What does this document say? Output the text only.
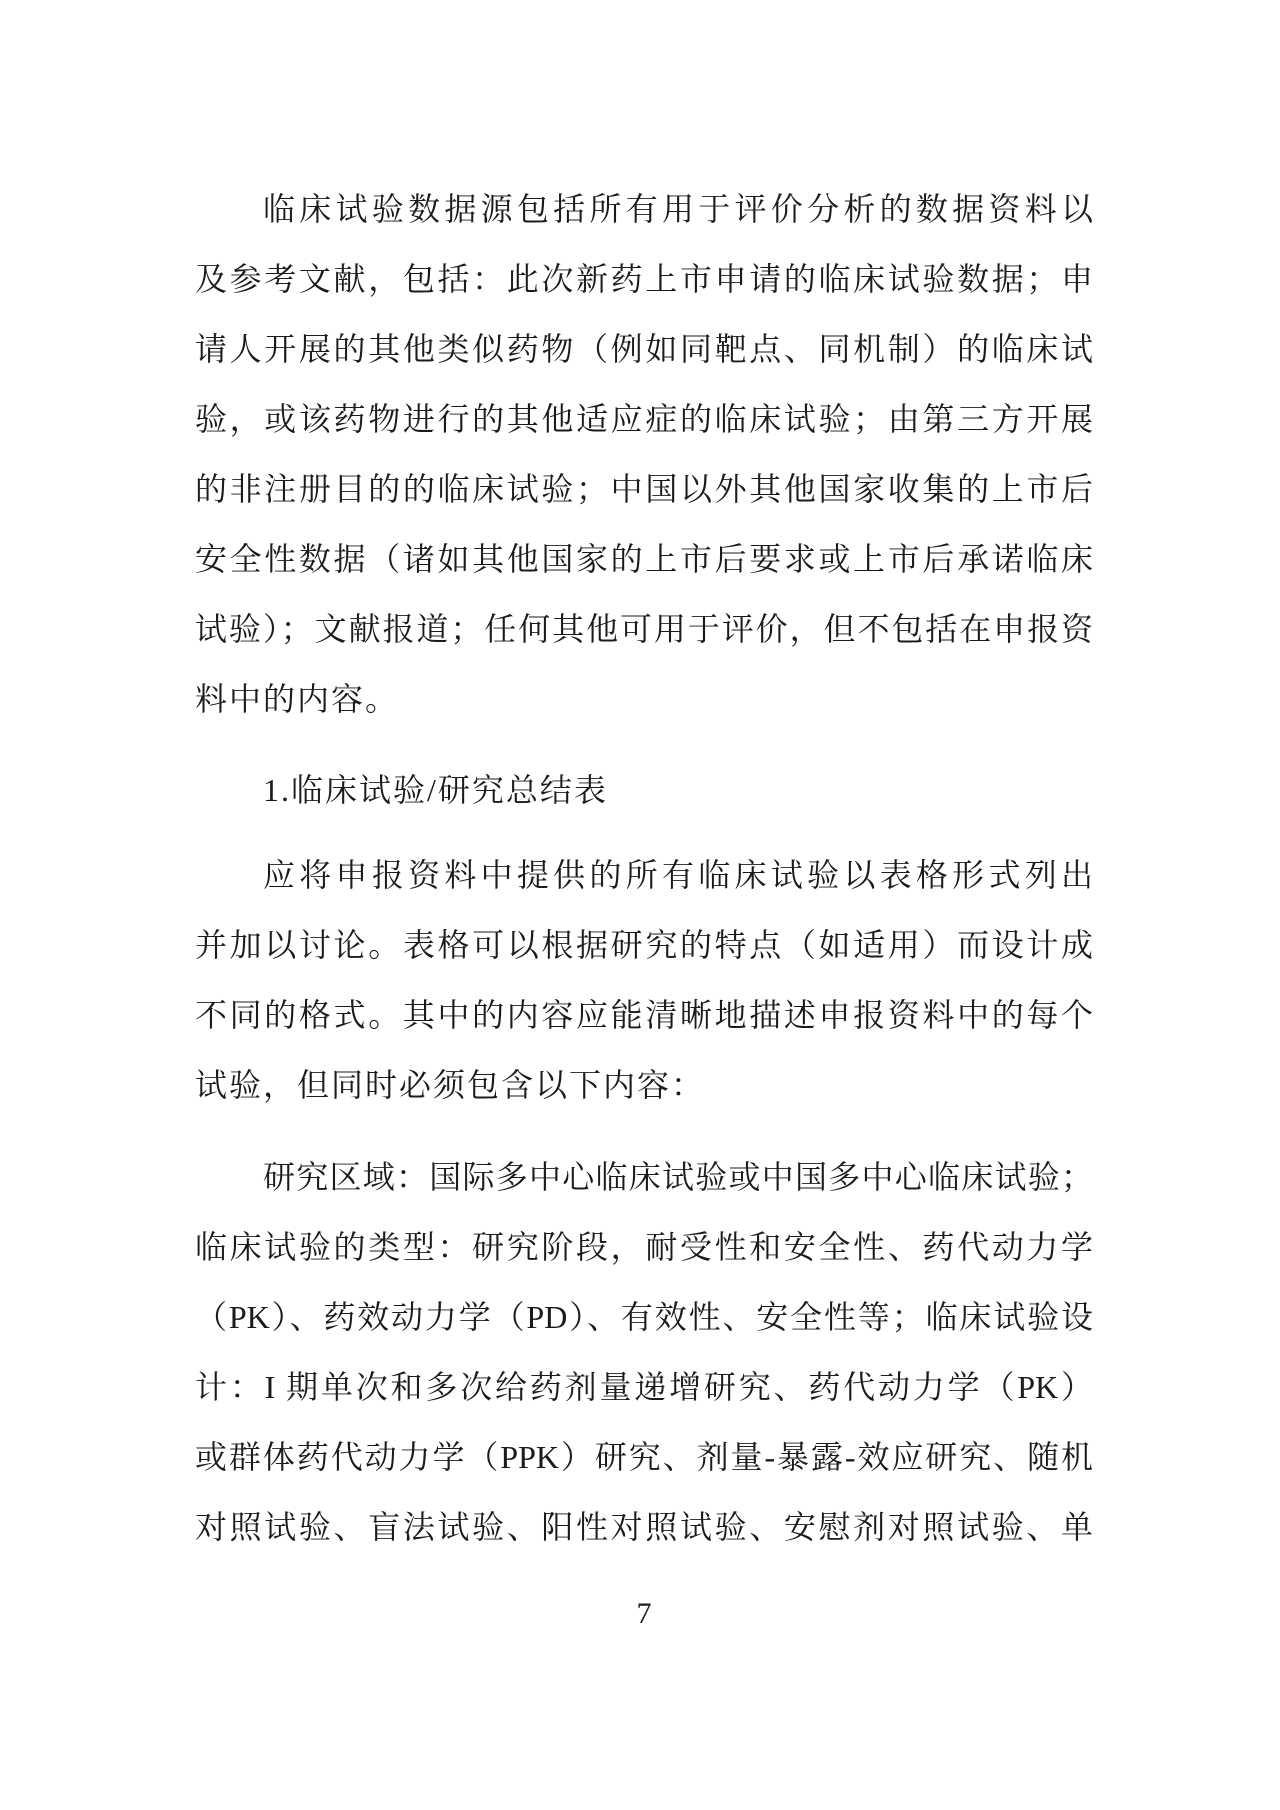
临床试验数据源包括所有用于评价分析的数据资料以
及参考文献，包括：此次新药上市申请的临床试验数据；申
请人开展的其他类似药物（例如同靶点、同机制）的临床试
验，或该药物进行的其他适应症的临床试验；由第三方开展
的非注册目的的临床试验；中国以外其他国家收集的上市后
安全性数据（诸如其他国家的上市后要求或上市后承诺临床
试验）；文献报道；任何其他可用于评价，但不包括在申报资
料中的内容。
1.临床试验/研究总结表
应将申报资料中提供的所有临床试验以表格形式列出
并加以讨论。表格可以根据研究的特点（如适用）而设计成
不同的格式。其中的内容应能清晰地描述申报资料中的每个
试验，但同时必须包含以下内容：
研究区域：国际多中心临床试验或中国多中心临床试验；
临床试验的类型：研究阶段，耐受性和安全性、药代动力学
（PK）、药效动力学（PD）、有效性、安全性等；临床试验设
计：I 期单次和多次给药剂量递增研究、药代动力学（PK）
或群体药代动力学（PPK）研究、剂量-暴露-效应研究、随机
对照试验、盲法试验、阳性对照试验、安慰剂对照试验、单
7
